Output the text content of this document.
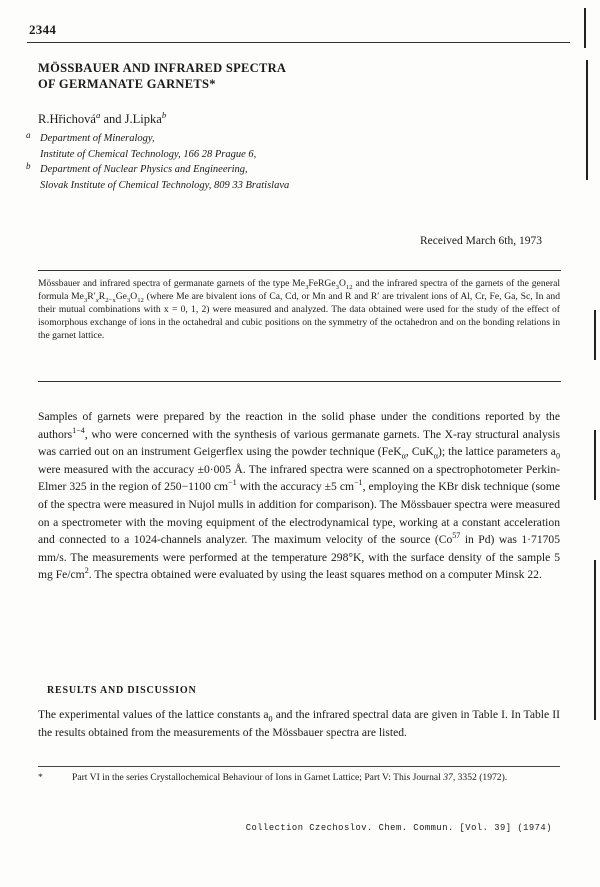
2344
MÖSSBAUER AND INFRARED SPECTRA
OF GERMANATE GARNETS*
R.Hřichová$^a$ and J.Lipka$^b$
a Department of Mineralogy,
Institute of Chemical Technology, 166 28 Prague 6,
b Department of Nuclear Physics and Engineering,
Slovak Institute of Chemical Technology, 809 33 Bratislava
Received March 6th, 1973
Mössbauer and infrared spectra of germanate garnets of the type $Me_3FeRGe_3O_{12}$ and the infrared spectra of the garnets of the general formula $Me_3R'_xR_{2-x}Ge_3O_{12}$ (where Me are bivalent ions of Ca, Cd, or Mn and R and R′ are trivalent ions of Al, Cr, Fe, Ga, Sc, In and their mutual combinations with x = 0, 1, 2) were measured and analyzed. The data obtained were used for the study of the effect of isomorphous exchange of ions in the octahedral and cubic positions on the symmetry of the octahedron and on the bonding relations in the garnet lattice.

Samples of garnets were prepared by the reaction in the solid phase under the conditions reported by the authors$^{1-4}$, who were concerned with the synthesis of various germanate garnets. The X-ray structural analysis was carried out on an instrument Geigerflex using the powder technique (FeK$_\alpha$, CuK$_\alpha$); the lattice parameters $a_0$ were measured with the accuracy ±0·005 Å. The infrared spectra were scanned on a spectrophotometer Perkin-Elmer 325 in the region of 250−1100 $cm^{-1}$ with the accuracy ±5 $cm^{-1}$, employing the KBr disk technique (some of the spectra were measured in Nujol mulls in addition for comparison). The Mössbauer spectra were measured on a spectrometer with the moving equipment of the electrodynamical type, working at a constant acceleration and connected to a 1024-channels analyzer. The maximum velocity of the source (Co$^{57}$ in Pd) was 1·71705 mm/s. The measurements were performed at the temperature 298°K, with the surface density of the sample 5 mg $Fe/cm^2$. The spectra obtained were evaluated by using the least squares method on a computer Minsk 22.

RESULTS AND DISCUSSION

The experimental values of the lattice constants $a_0$ and the infrared spectral data are given in Table I. In Table II the results obtained from the measurements of the Mössbauer spectra are listed.

*	Part VI in the series Crystallochemical Behaviour of Ions in Garnet Lattice; Part V: This Journal 37, 3352 (1972).
Collection Czechoslov. Chem. Commun. [Vol. 39] (1974)
